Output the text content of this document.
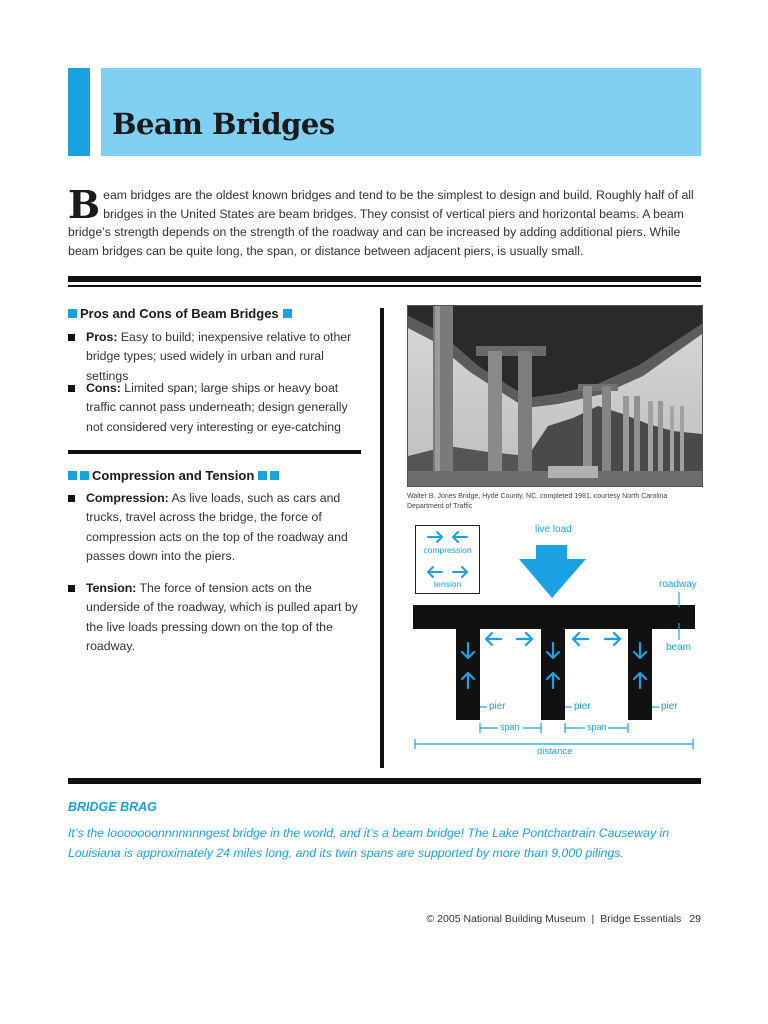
Beam Bridges
Beam bridges are the oldest known bridges and tend to be the simplest to design and build. Roughly half of all bridges in the United States are beam bridges. They consist of vertical piers and horizontal beams. A beam bridge’s strength depends on the strength of the roadway and can be increased by adding additional piers. While beam bridges can be quite long, the span, or distance between adjacent piers, is usually small.
Pros and Cons of Beam Bridges
Pros: Easy to build; inexpensive relative to other bridge types; used widely in urban and rural settings
Cons: Limited span; large ships or heavy boat traffic cannot pass underneath; design generally not considered very interesting or eye-catching
Compression and Tension
Compression: As live loads, such as cars and trucks, travel across the bridge, the force of compression acts on the top of the roadway and passes down into the piers.
Tension: The force of tension acts on the underside of the roadway, which is pulled apart by the live loads pressing down on the top of the roadway.
Walter B. Jones Bridge, Hyde County, NC, completed 1981, courtesy North Carolina Department of Traffic
compression
tension
live load
roadway
beam
pier	pier	pier
span	span
distance
BRIDGE BRAG
It’s the looooooonnnnnnngest bridge in the world, and it’s a beam bridge! The Lake Pontchartrain Causeway in Louisiana is approximately 24 miles long, and its twin spans are supported by more than 9,000 pilings.
© 2005 National Building Museum | Bridge Essentials 29
